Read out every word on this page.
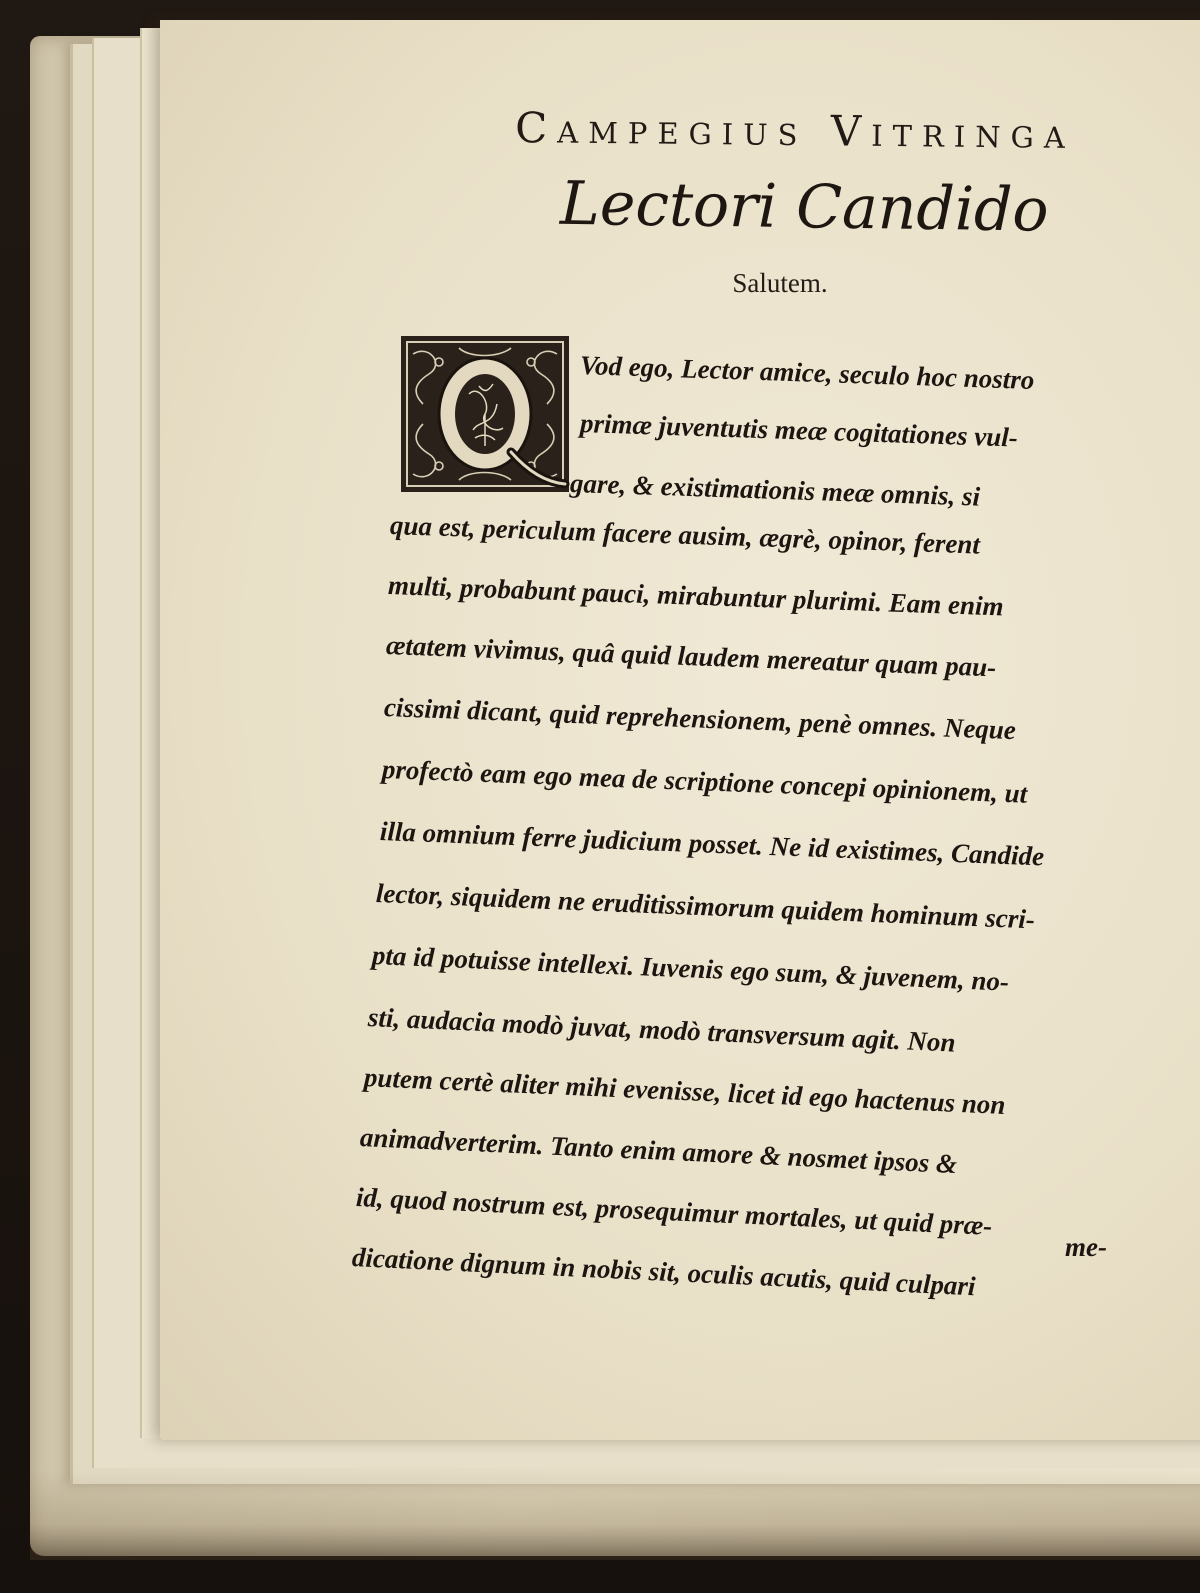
Campegius Vitringa
Lectori Candido
Salutem.
Vod ego, Lector amice, seculo hoc nostro
primæ juventutis meæ cogitationes vul-
gare, & existimationis meæ omnis, si
qua est, periculum facere ausim, ægrè, opinor, ferent
multi, probabunt pauci, mirabuntur plurimi. Eam enim
ætatem vivimus, quâ quid laudem mereatur quam pau-
cissimi dicant, quid reprehensionem, penè omnes. Neque
profectò eam ego mea de scriptione concepi opinionem, ut
illa omnium ferre judicium posset. Ne id existimes, Candide
lector, siquidem ne eruditissimorum quidem hominum scri-
pta id potuisse intellexi. Iuvenis ego sum, & juvenem, no-
sti, audacia modò juvat, modò transversum agit. Non
putem certè aliter mihi evenisse, licet id ego hactenus non
animadverterim. Tanto enim amore & nosmet ipsos &
id, quod nostrum est, prosequimur mortales, ut quid præ-
dicatione dignum in nobis sit, oculis acutis, quid culpari	me-
